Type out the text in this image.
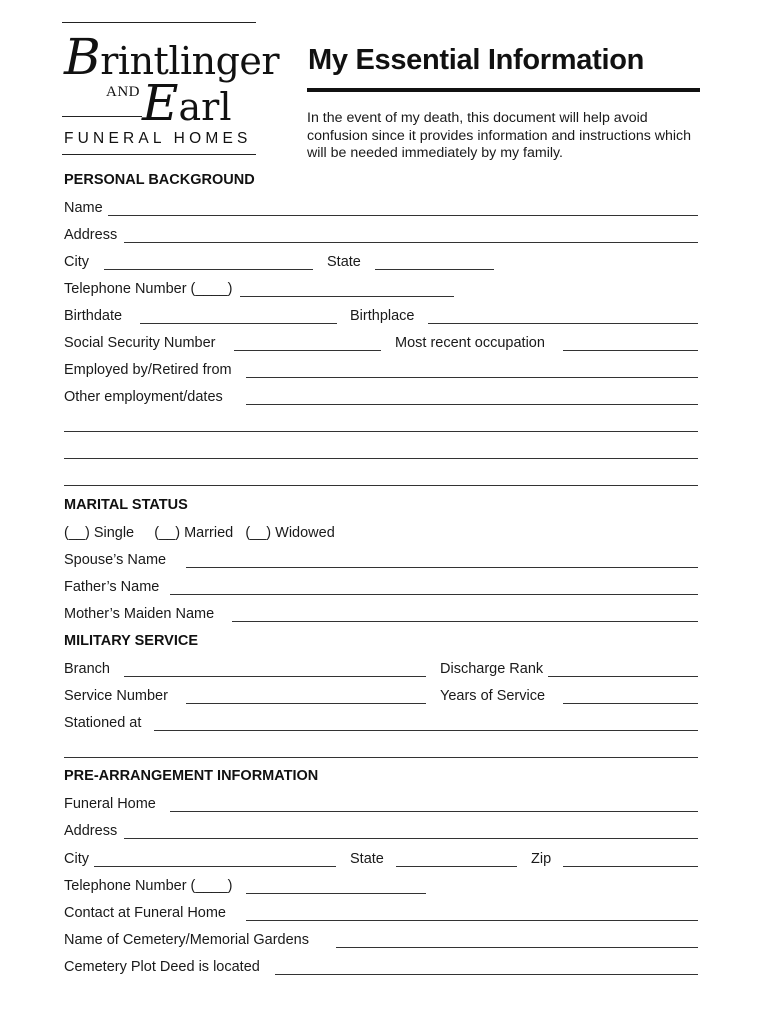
Brintlinger
AND Earl
FUNERAL HOMES
My Essential Information
In the event of my death, this document will help avoid confusion since it provides information and instructions which will be needed immediately by my family.
PERSONAL BACKGROUND
Name
Address
City	State
Telephone Number (____)
Birthdate	Birthplace
Social Security Number	Most recent occupation
Employed by/Retired from
Other employment/dates
MARITAL STATUS
(__) Single     (__) Married   (__) Widowed
Spouse’s Name
Father’s Name
Mother’s Maiden Name
MILITARY SERVICE
Branch	Discharge Rank
Service Number	Years of Service
Stationed at
PRE-ARRANGEMENT INFORMATION
Funeral Home
Address
City	State	Zip
Telephone Number (____)
Contact at Funeral Home
Name of Cemetery/Memorial Gardens
Cemetery Plot Deed is located
